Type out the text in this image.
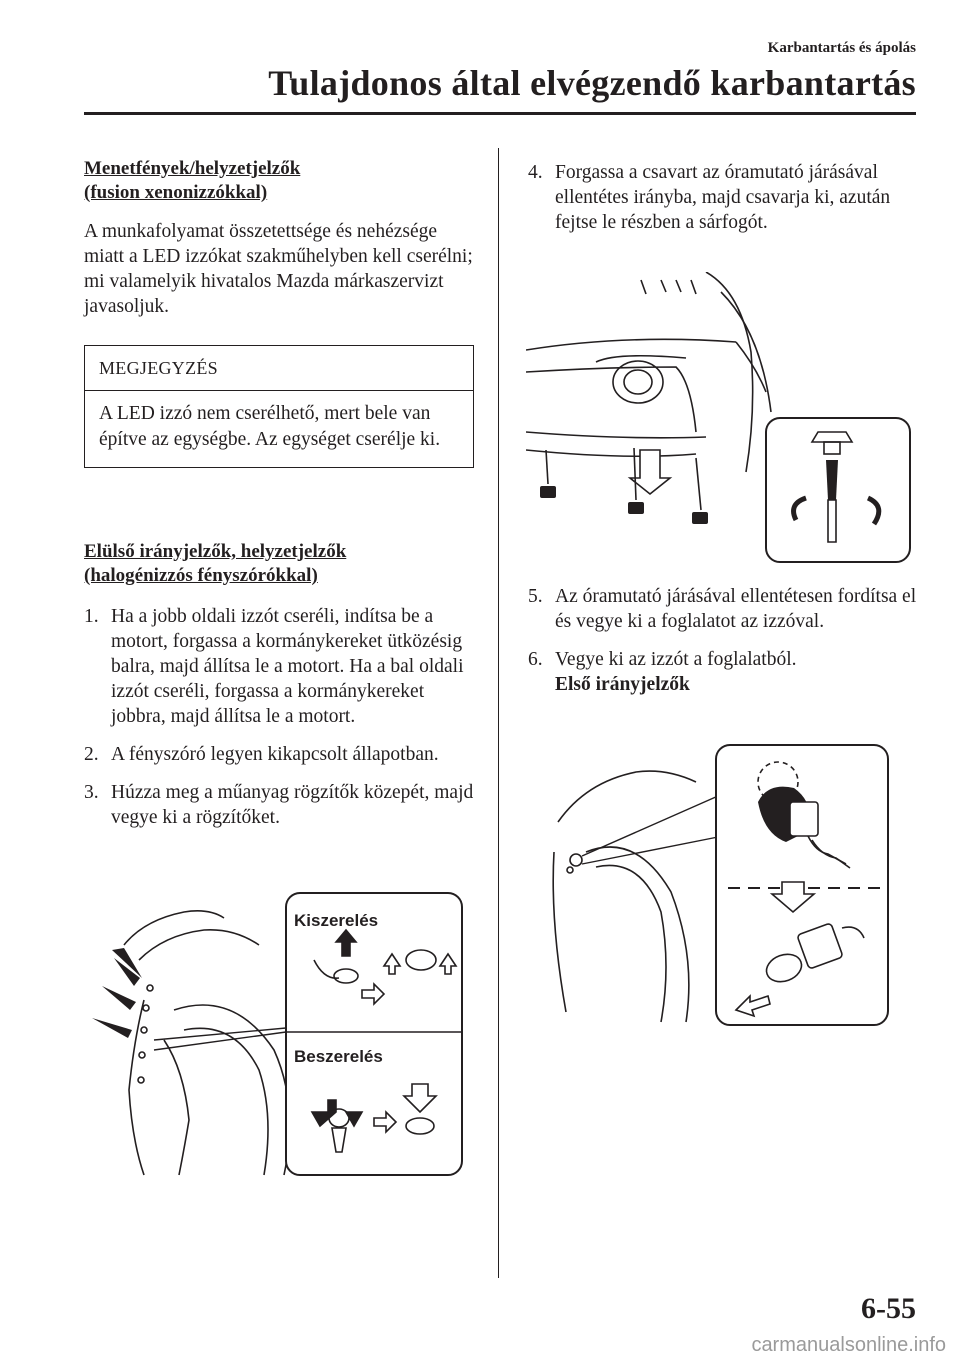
Karbantartás és ápolás
Tulajdonos által elvégzendő karbantartás

Menetfények/helyzetjelzők
(fusion xenonizzókkal)

A munkafolyamat összetettsége és nehézsége miatt a LED izzókat szakműhelyben kell cserélni; mi valamelyik hivatalos Mazda márkaszervizt javasoljuk.

MEGJEGYZÉS
A LED izzó nem cserélhető, mert bele van építve az egységbe. Az egységet cserélje ki.

Elülső irányjelzők, helyzetjelzők
(halogénizzós fényszórókkal)

1. Ha a jobb oldali izzót cseréli, indítsa be a motort, forgassa a kormánykereket ütközésig balra, majd állítsa le a motort. Ha a bal oldali izzót cseréli, forgassa a kormánykereket jobbra, majd állítsa le a motort.
2. A fényszóró legyen kikapcsolt állapotban.
3. Húzza meg a műanyag rögzítők közepét, majd vegye ki a rögzítőket.
Kiszerelés
Beszerelés
4. Forgassa a csavart az óramutató járásával ellentétes irányba, majd csavarja ki, azután fejtse le részben a sárfogót.
5. Az óramutató járásával ellentétesen fordítsa el és vegye ki a foglalatot az izzóval.
6. Vegye ki az izzót a foglalatból.
Első irányjelzők
6-55
carmanualsonline.info
